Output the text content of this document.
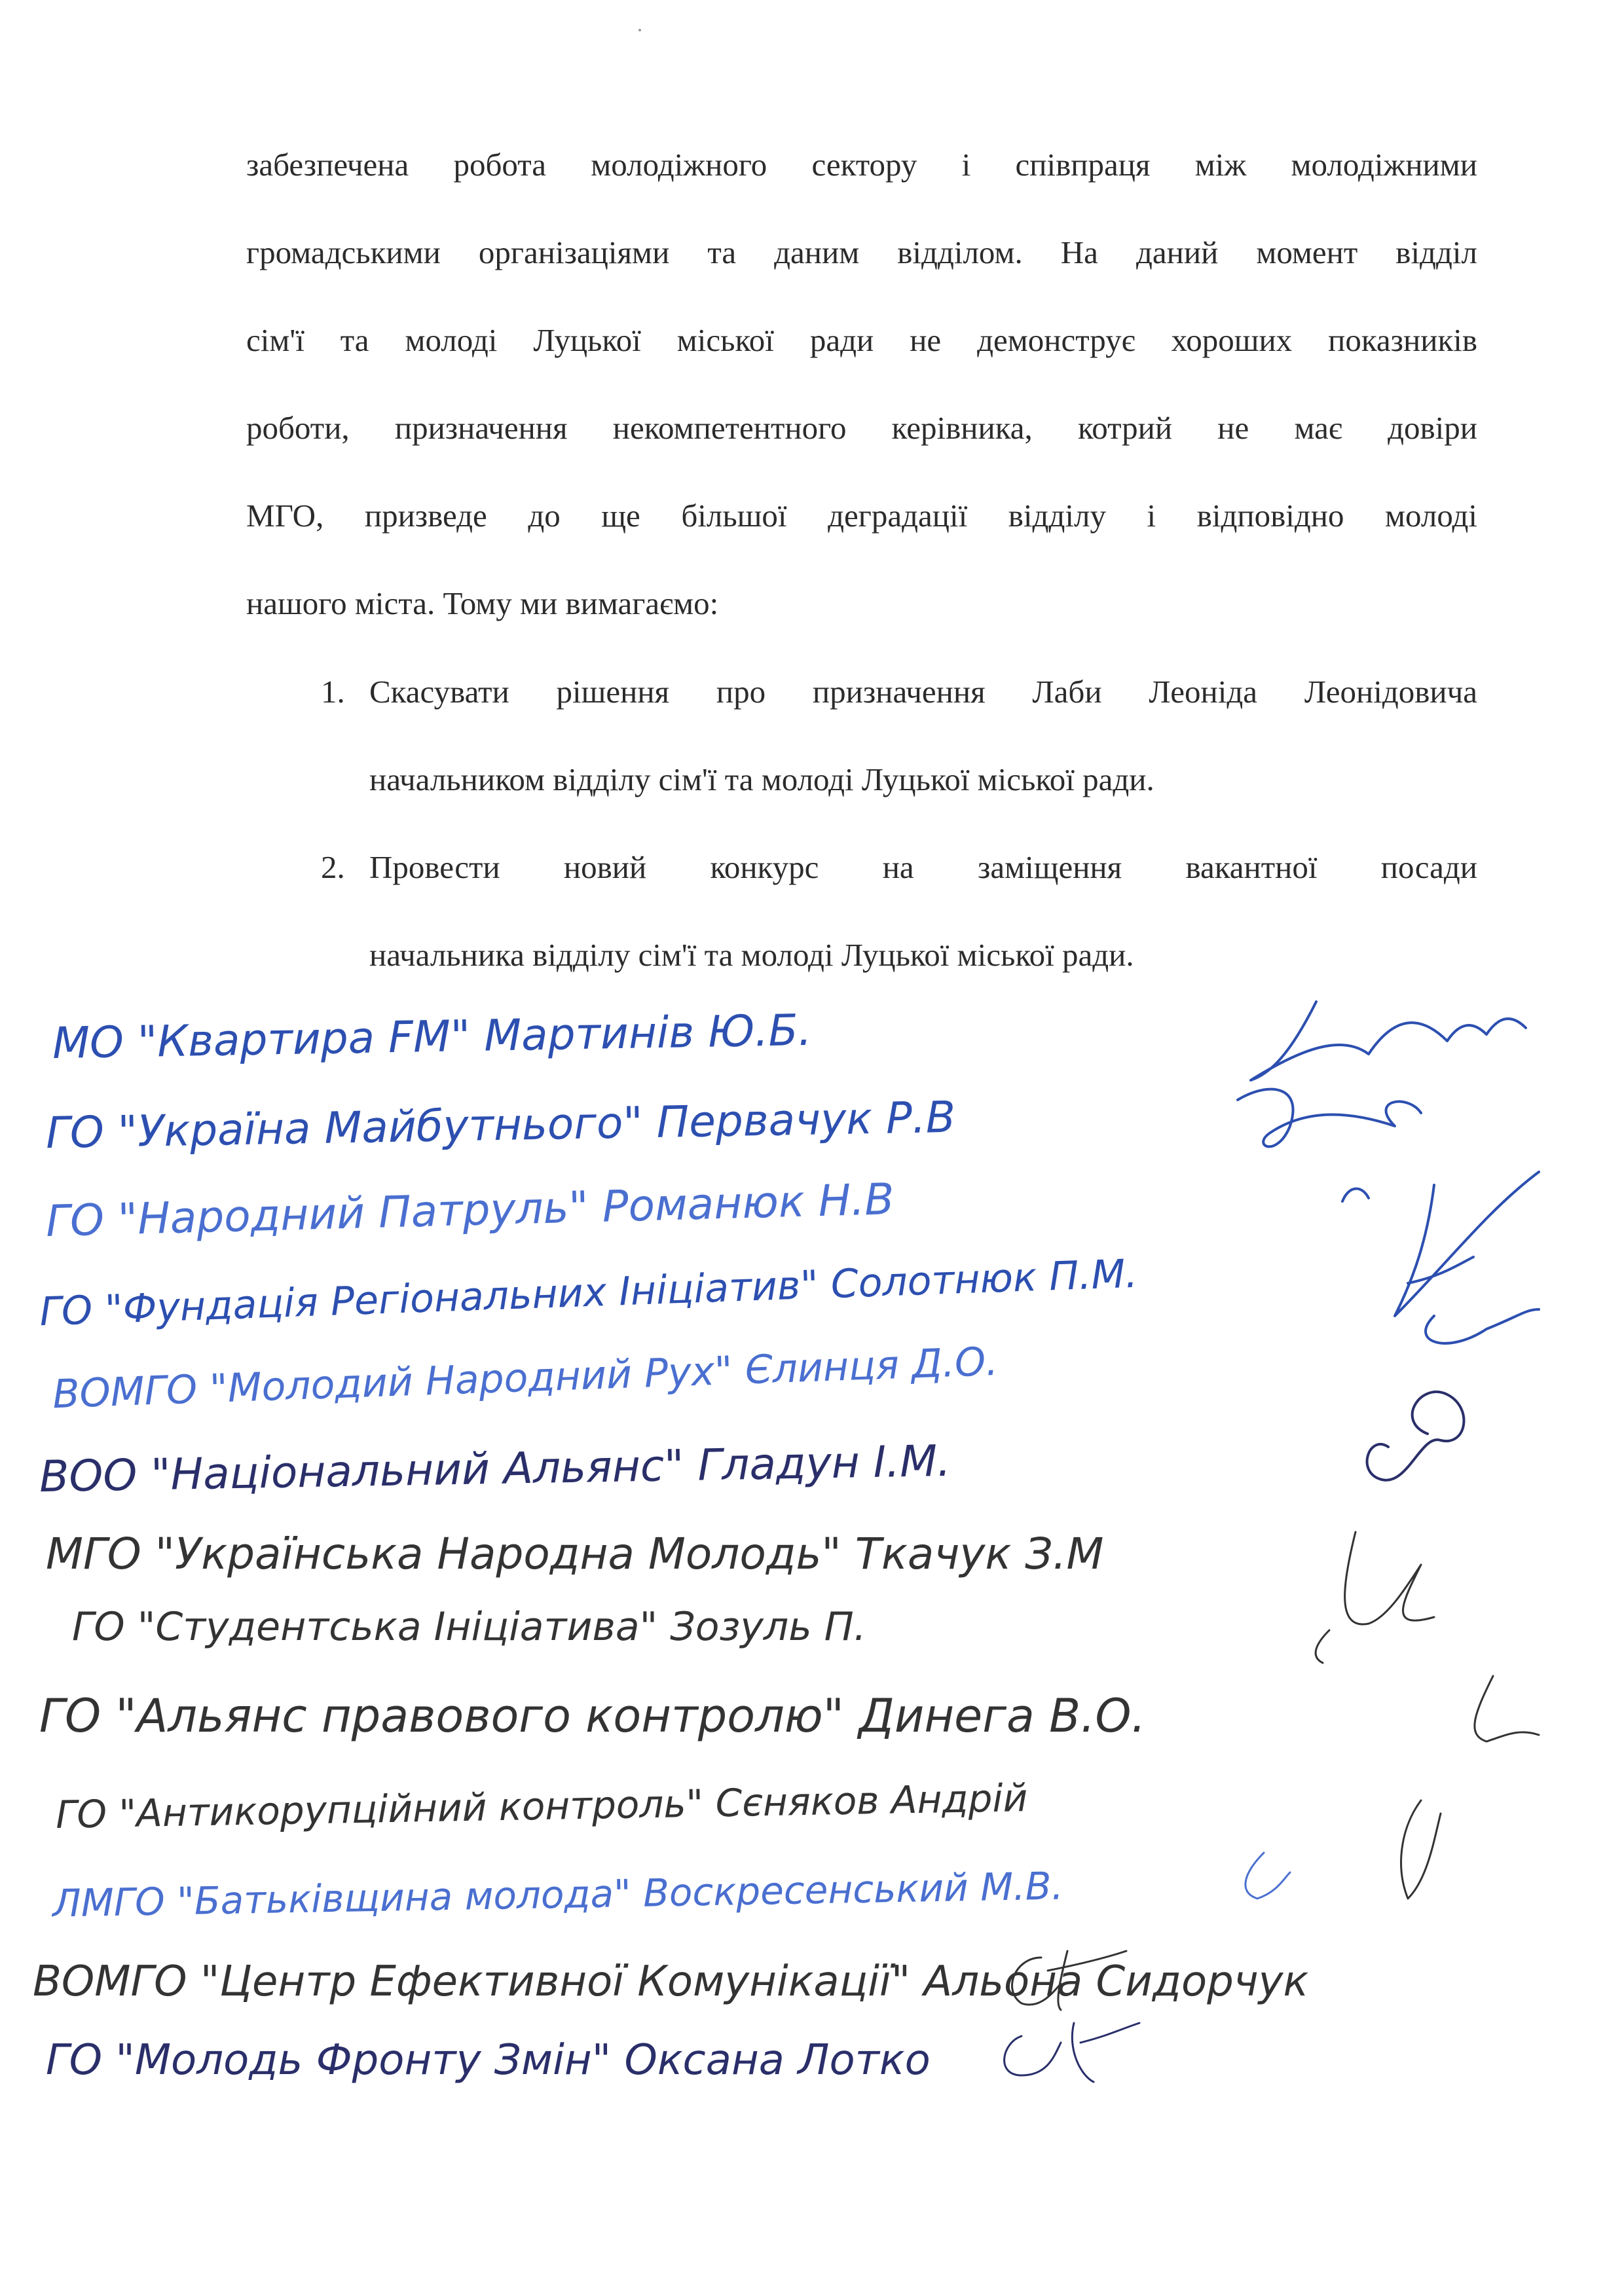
забезпечена робота молодіжного сектору і співпраця між молодіжними
громадськими організаціями та даним відділом. На даний момент відділ
сім'ї та молоді Луцької міської ради не демонструє хороших показників
роботи, призначення некомпетентного керівника, котрий не має довіри
МГО, призведе до ще більшої деградації відділу і відповідно молоді
нашого міста. Тому ми вимагаємо:
1. Скасувати рішення про призначення Лаби Леоніда Леонідовича
начальником відділу сім'ї та молоді Луцької міської ради.
2. Провести новий конкурс на заміщення вакантної посади
начальника відділу сім'ї та молоді Луцької міської ради.
МО "Квартира FM" Мартинів Ю.Б.
ГО "Україна Майбутнього" Первачук Р.В
ГО "Народний Патруль" Романюк Н.В
ГО "Фундація Регіональних Ініціатив" Солотнюк П.М.
ВОМГО "Молодий Народний Рух" Єлинця Д.О.
ВОО "Національний Альянс" Гладун І.М.
МГО "Українська Народна Молодь" Ткачук З.М
ГО "Студентська Ініціатива" Зозуль П.
ГО "Альянс правового контролю" Динега В.О.
ГО "Антикорупційний контроль" Сєняков Андрій
ЛМГО "Батьківщина молода" Воскресенський М.В.
ВОМГО "Центр Ефективної Комунікації" Альона Сидорчук
ГО "Молодь Фронту Змін" Оксана Лотко
